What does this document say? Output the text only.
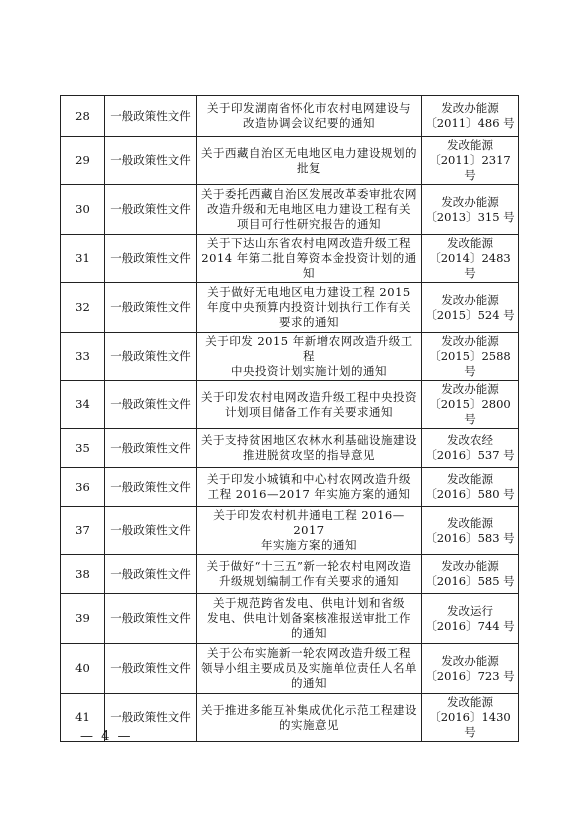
28	一般政策性文件	关于印发湖南省怀化市农村电网建设与
改造协调会议纪要的通知	发改办能源
〔2011〕486 号

29	一般政策性文件	关于西藏自治区无电地区电力建设规划的
批复	发改能源
〔2011〕2317 号

30	一般政策性文件	关于委托西藏自治区发展改革委审批农网
改造升级和无电地区电力建设工程有关
项目可行性研究报告的通知	发改办能源
〔2013〕315 号

31	一般政策性文件	关于下达山东省农村电网改造升级工程
2014 年第二批自筹资本金投资计划的通知	发改能源
〔2014〕2483 号

32	一般政策性文件	关于做好无电地区电力建设工程 2015
年度中央预算内投资计划执行工作有关
要求的通知	发改办能源
〔2015〕524 号

33	一般政策性文件	关于印发 2015 年新增农网改造升级工程
中央投资计划实施计划的通知	发改办能源
〔2015〕2588 号

34	一般政策性文件	关于印发农村电网改造升级工程中央投资
计划项目储备工作有关要求通知	发改办能源
〔2015〕2800 号

35	一般政策性文件	关于支持贫困地区农林水利基础设施建设
推进脱贫攻坚的指导意见	发改农经
〔2016〕537 号

36	一般政策性文件	关于印发小城镇和中心村农网改造升级
工程 2016—2017 年实施方案的通知	发改能源
〔2016〕580 号

37	一般政策性文件	关于印发农村机井通电工程 2016—2017
年实施方案的通知	发改能源
〔2016〕583 号

38	一般政策性文件	关于做好“十三五”新一轮农村电网改造
升级规划编制工作有关要求的通知	发改办能源
〔2016〕585 号

39	一般政策性文件	关于规范跨省发电、供电计划和省级
发电、供电计划备案核准报送审批工作
的通知	发改运行
〔2016〕744 号

40	一般政策性文件	关于公布实施新一轮农网改造升级工程
领导小组主要成员及实施单位责任人名单
的通知	发改办能源
〔2016〕723 号

41	一般政策性文件	关于推进多能互补集成优化示范工程建设
的实施意见	发改能源
〔2016〕1430 号
— 4 —
